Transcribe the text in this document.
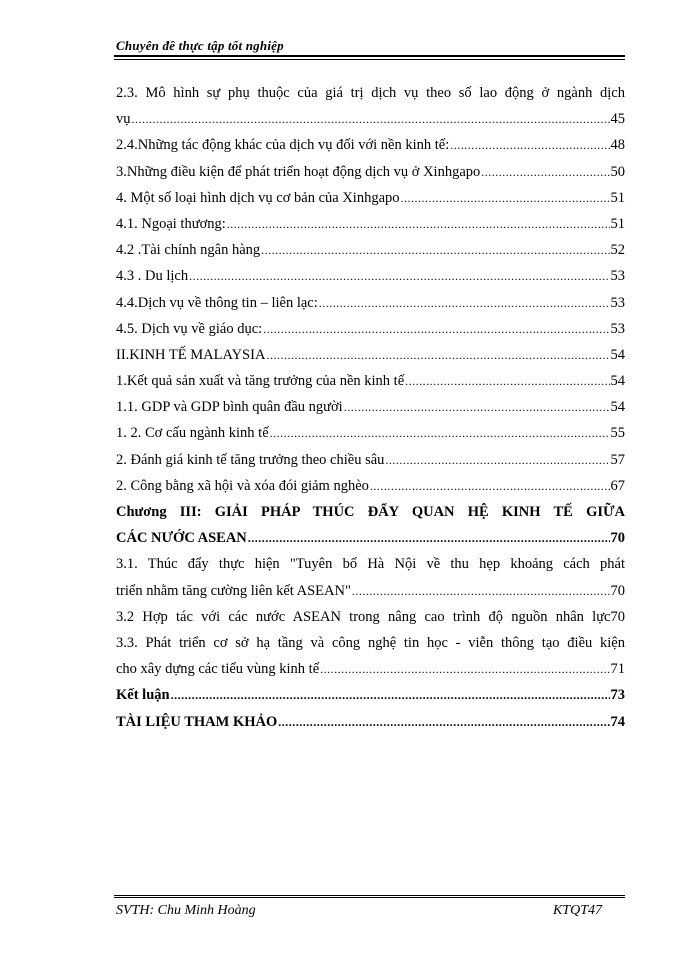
Chuyên đề thực tập tốt nghiệp
2.3. Mô hình sự phụ thuộc của giá trị dịch vụ theo số lao động ở ngành dịch
vụ .....	45
2.4.Những tác động khác của dịch vụ đối với nền kinh tế: .....	48
3.Những điều kiện để phát triển hoạt động dịch vụ ở Xinhgapo .....	50
4. Một số loại hình dịch vụ cơ bản của Xinhgapo .....	51
4.1. Ngoại thương: .....	51
4.2 .Tài chính ngân hàng .....	52
4.3 . Du lịch .....	53
4.4.Dịch vụ về thông tin – liên lạc: .....	53
4.5. Dịch vụ về giáo dục: .....	53
II.KINH TẾ MALAYSIA .....	54
1.Kết quả sản xuất và tăng trưởng của nền kinh tế .....	54
1.1. GDP và GDP bình quân đầu người .....	54
1. 2. Cơ cấu ngành kinh tế .....	55
2. Đánh giá kinh tế tăng trưởng theo chiều sâu .....	57
2. Công bằng xã hội và xóa đói giảm nghèo .....	67
Chương III: GIẢI PHÁP THÚC ĐẨY QUAN HỆ KINH TẾ GIỮA
CÁC NƯỚC ASEAN .....	70
3.1. Thúc đẩy thực hiện "Tuyên bố Hà Nội về thu hẹp khoảng cách phát
triển nhằm tăng cường liên kết ASEAN" .....	70
3.2 Hợp tác với các nước ASEAN trong nâng cao trình độ nguồn nhân lực70
3.3. Phát triển cơ sở hạ tầng và công nghệ tin học - viễn thông tạo điều kiện
cho xây dựng các tiểu vùng kinh tế .....	71
Kết luận .....	73
TÀI LIỆU THAM KHẢO .....	74
SVTH: Chu Minh Hoàng	KTQT47
